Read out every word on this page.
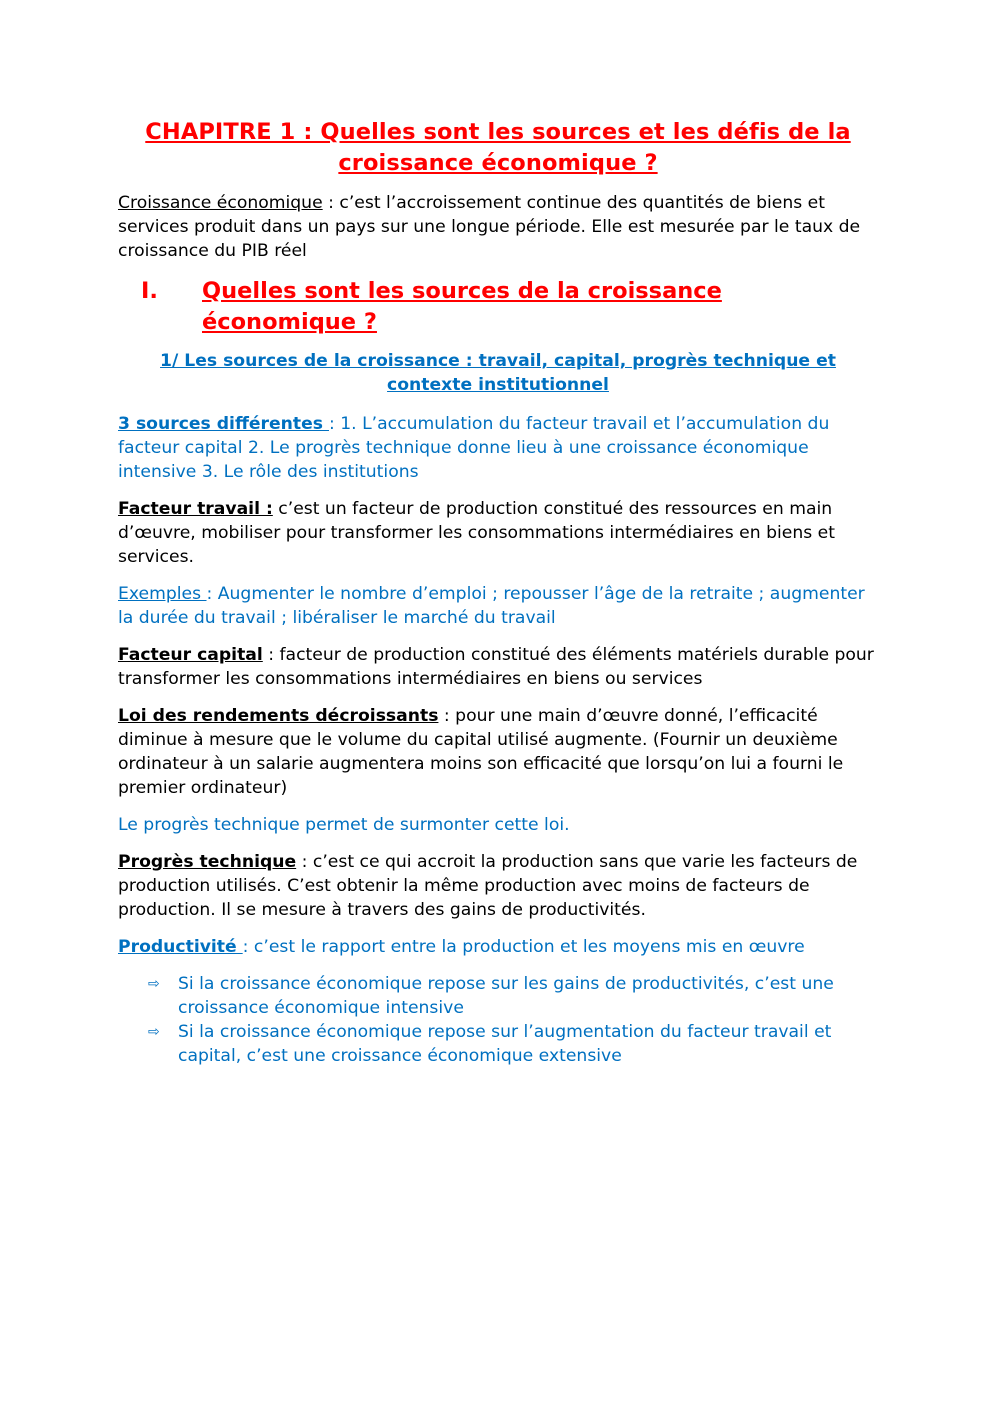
CHAPITRE 1 : Quelles sont les sources et les défis de la croissance économique ?

Croissance économique : c’est l’accroissement continue des quantités de biens et services produit dans un pays sur une longue période. Elle est mesurée par le taux de croissance du PIB réel

I.	Quelles sont les sources de la croissance économique ?
1/ Les sources de la croissance : travail, capital, progrès technique et contexte institutionnel

3 sources différentes : 1. L’accumulation du facteur travail et l’accumulation du facteur capital 2. Le progrès technique donne lieu à une croissance économique intensive 3. Le rôle des institutions

Facteur travail : c’est un facteur de production constitué des ressources en main d’œuvre, mobiliser pour transformer les consommations intermédiaires en biens et services.

Exemples : Augmenter le nombre d’emploi ; repousser l’âge de la retraite ; augmenter la durée du travail ; libéraliser le marché du travail

Facteur capital : facteur de production constitué des éléments matériels durable pour transformer les consommations intermédiaires en biens ou services

Loi des rendements décroissants : pour une main d’œuvre donné, l’efficacité diminue à mesure que le volume du capital utilisé augmente. (Fournir un deuxième ordinateur à un salarie augmentera moins son efficacité que lorsqu’on lui a fourni le premier ordinateur)

Le progrès technique permet de surmonter cette loi.

Progrès technique : c’est ce qui accroit la production sans que varie les facteurs de production utilisés. C’est obtenir la même production avec moins de facteurs de production. Il se mesure à travers des gains de productivités.

Productivité : c’est le rapport entre la production et les moyens mis en œuvre

⇨	Si la croissance économique repose sur les gains de productivités, c’est une croissance économique intensive
⇨	Si la croissance économique repose sur l’augmentation du facteur travail et capital, c’est une croissance économique extensive
